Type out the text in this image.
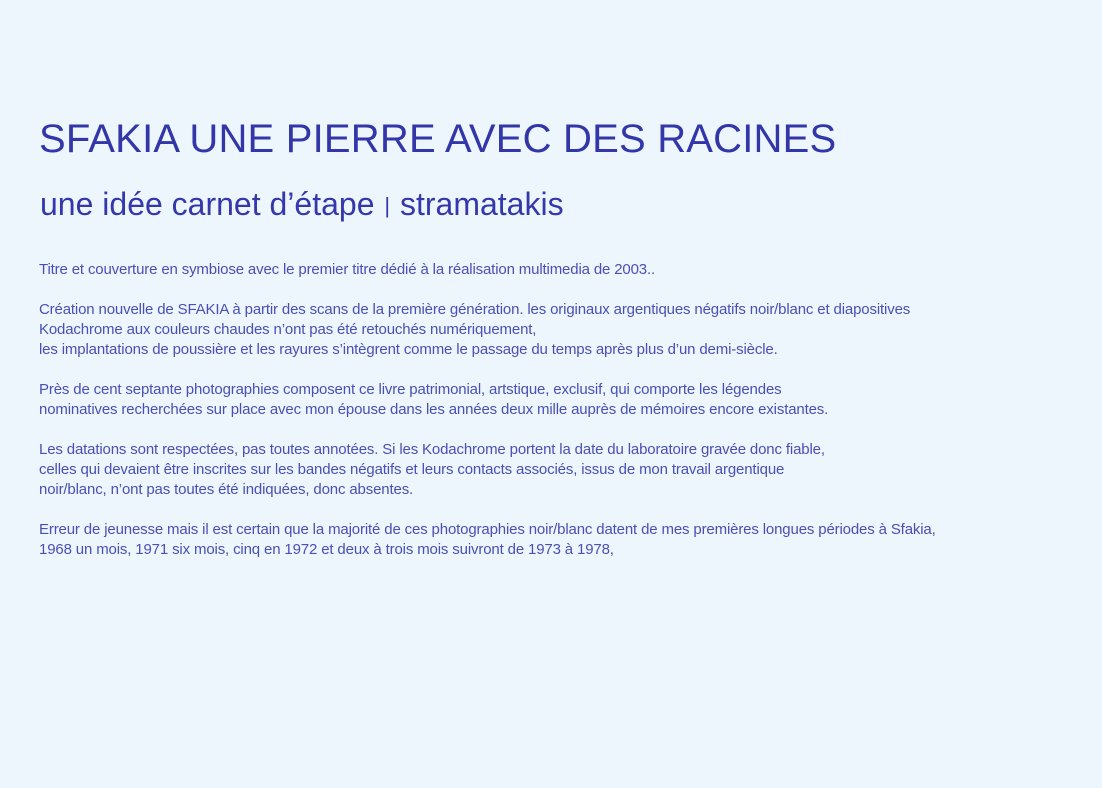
SFAKIA UNE PIERRE AVEC DES RACINES
une idée carnet d’étape | stramatakis

Titre et couverture en symbiose avec le premier titre dédié à la réalisation multimedia de 2003..

Création nouvelle de SFAKIA à partir des scans de la première génération. les originaux argentiques négatifs noir/blanc et diapositives
Kodachrome aux couleurs chaudes n’ont pas été retouchés numériquement,
les implantations de poussière et les rayures s’intègrent comme le passage du temps après plus d’un demi-siècle.

Près de cent septante photographies composent ce livre patrimonial, artstique, exclusif, qui comporte les légendes
nominatives recherchées sur place avec mon épouse dans les années deux mille auprès de mémoires encore existantes.

Les datations sont respectées, pas toutes annotées. Si les Kodachrome portent la date du laboratoire gravée donc fiable,
celles qui devaient être inscrites sur les bandes négatifs et leurs contacts associés, issus de mon travail argentique
noir/blanc, n’ont pas toutes été indiquées, donc absentes.

Erreur de jeunesse mais il est certain que la majorité de ces photographies noir/blanc datent de mes premières longues périodes à Sfakia,
1968 un mois, 1971 six mois, cinq en 1972 et deux à trois mois suivront de 1973 à 1978,
